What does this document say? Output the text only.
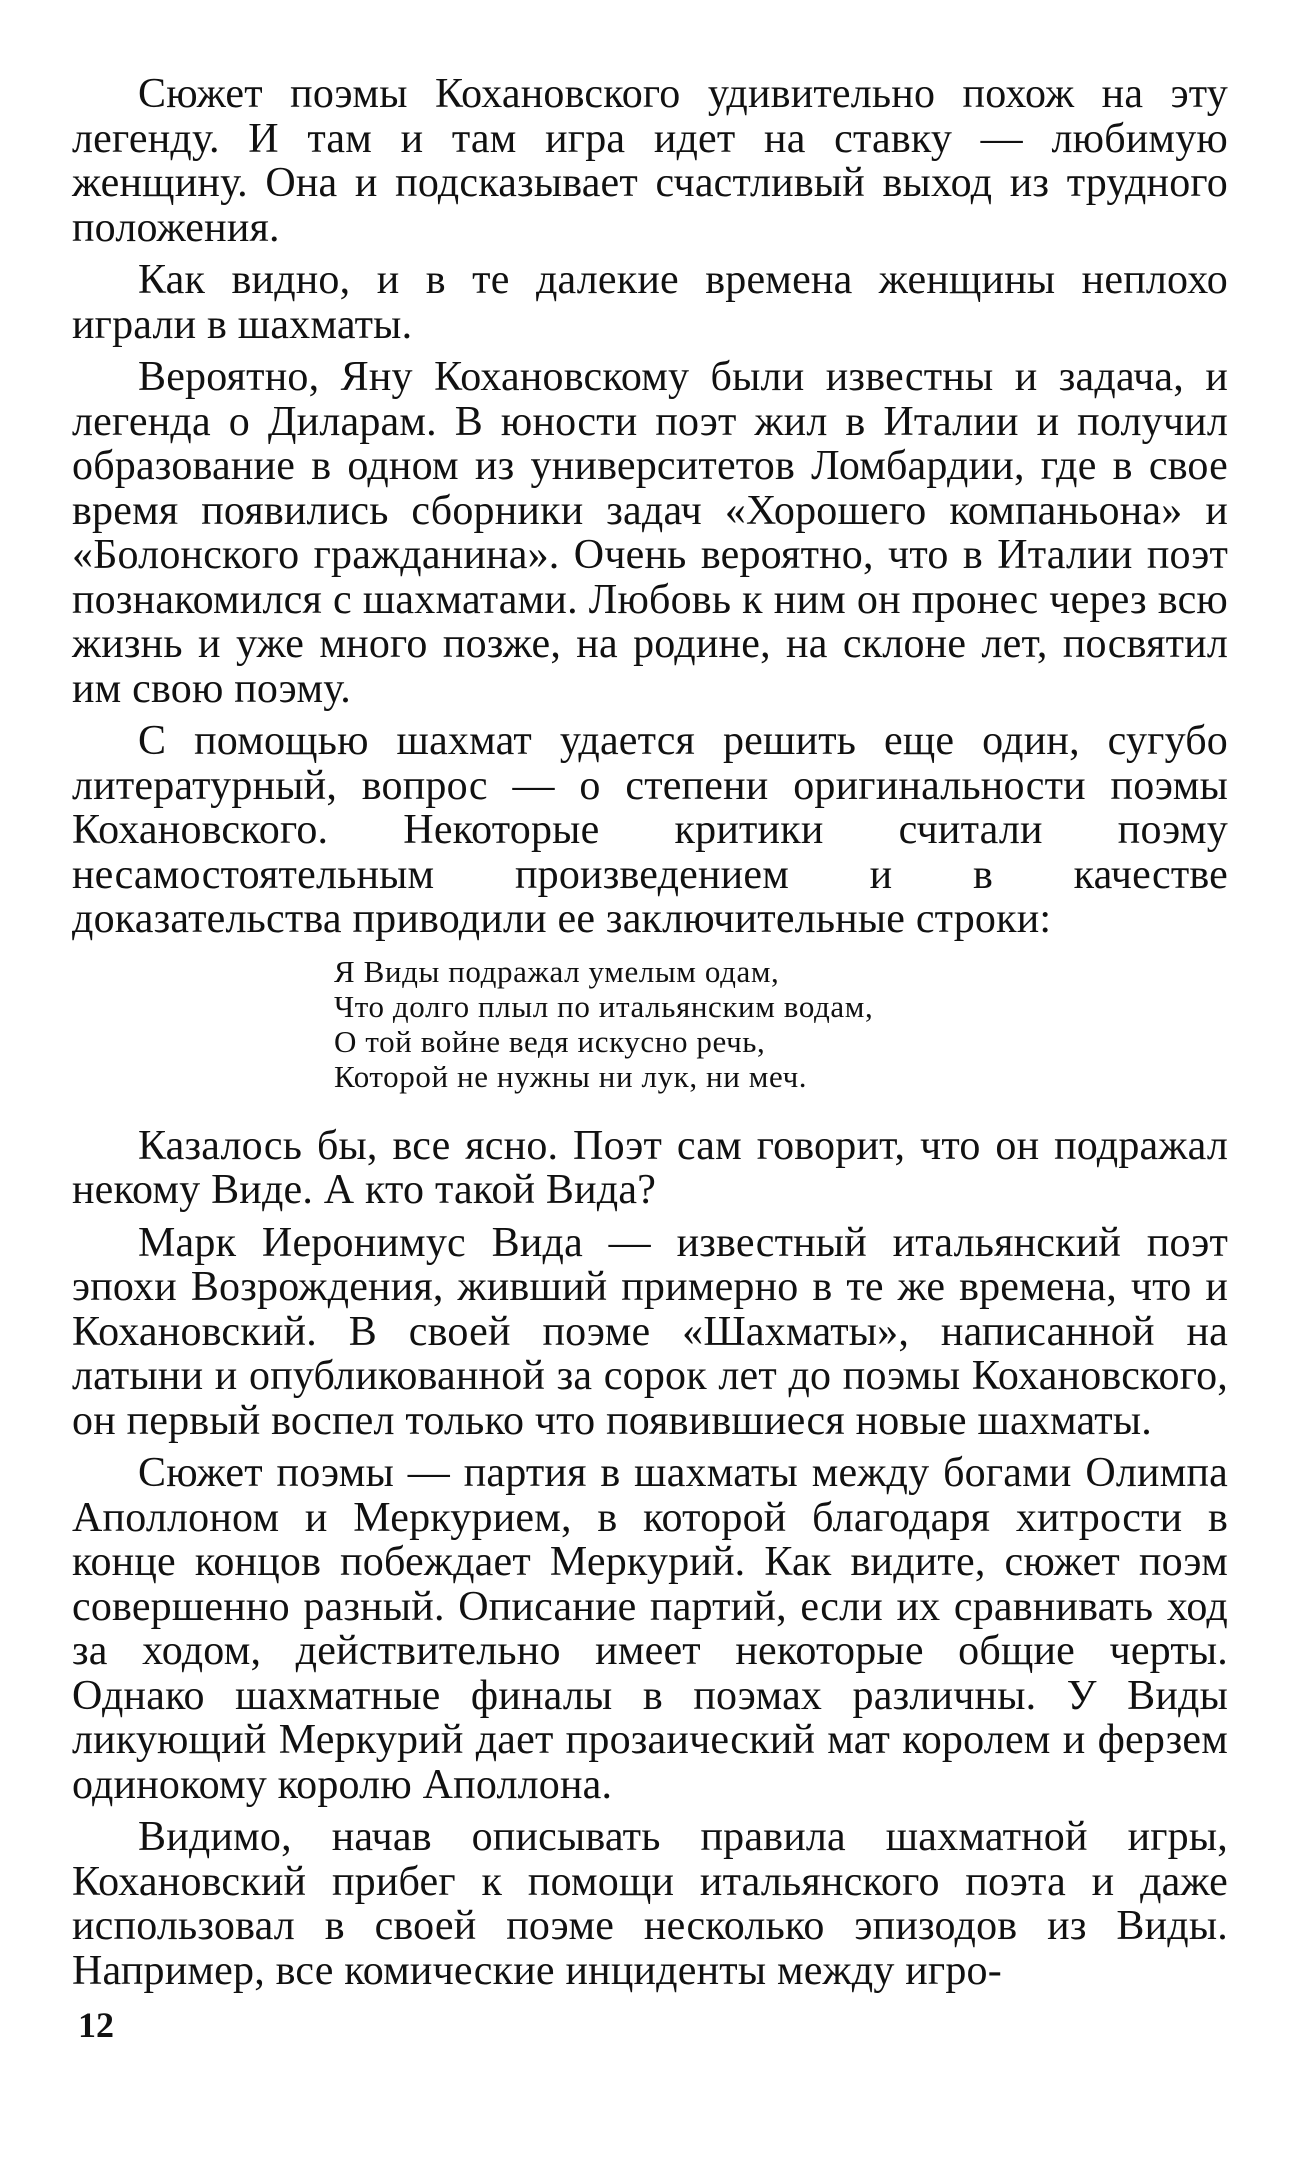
Сюжет поэмы Кохановского удивительно похож на эту легенду. И там и там игра идет на ставку — любимую женщину. Она и подсказывает счастливый выход из трудного положения.

Как видно, и в те далекие времена женщины неплохо играли в шахматы.

Вероятно, Яну Кохановскому были известны и задача, и легенда о Диларам. В юности поэт жил в Италии и получил образование в одном из университетов Ломбардии, где в свое время появились сборники задач «Хорошего компаньона» и «Болонского гражданина». Очень вероятно, что в Италии поэт познакомился с шахматами. Любовь к ним он пронес через всю жизнь и уже много позже, на родине, на склоне лет, посвятил им свою поэму.

С помощью шахмат удается решить еще один, сугубо литературный, вопрос — о степени оригинальности поэмы Кохановского. Некоторые критики считали поэму несамостоятельным произведением и в качестве доказательства приводили ее заключительные строки:

Я Виды подражал умелым одам,
Что долго плыл по итальянским водам,
О той войне ведя искусно речь,
Которой не нужны ни лук, ни меч.

Казалось бы, все ясно. Поэт сам говорит, что он подражал некому Виде. А кто такой Вида?

Марк Иеронимус Вида — известный итальянский поэт эпохи Возрождения, живший примерно в те же времена, что и Кохановский. В своей поэме «Шахматы», написанной на латыни и опубликованной за сорок лет до поэмы Кохановского, он первый воспел только что появившиеся новые шахматы.

Сюжет поэмы — партия в шахматы между богами Олимпа Аполлоном и Меркурием, в которой благодаря хитрости в конце концов побеждает Меркурий. Как видите, сюжет поэм совершенно разный. Описание партий, если их сравнивать ход за ходом, действительно имеет некоторые общие черты. Однако шахматные финалы в поэмах различны. У Виды ликующий Меркурий дает прозаический мат королем и ферзем одинокому королю Аполлона.

Видимо, начав описывать правила шахматной игры, Кохановский прибег к помощи итальянского поэта и даже использовал в своей поэме несколько эпизодов из Виды. Например, все комические инциденты между игро-

12
